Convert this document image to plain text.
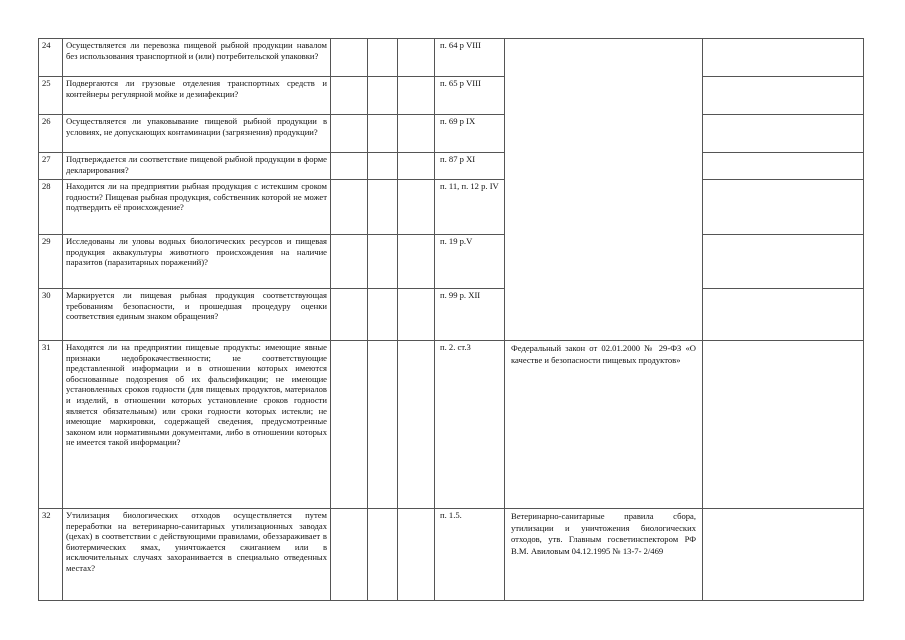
24	Осуществляется ли перевозка пищевой рыбной продукции навалом без использования транспортной и (или) потребительской упаковки?				п. 64 р VIII		
25	Подвергаются ли грузовые отделения транспортных средств и контейнеры регулярной мойке и дезинфекции?				п. 65 р VIII		
26	Осуществляется ли упаковывание пищевой рыбной продукции в условиях, не допускающих контаминации (загрязнения) продукции?				п. 69 р IX		
27	Подтверждается ли соответствие пищевой рыбной продукции в форме декларирования?				п. 87 р XI		
28	Находится ли на предприятии рыбная продукция с истекшим сроком годности? Пищевая рыбная продукция, собственник которой не может подтвердить её происхождение?				п. 11, п. 12 р. IV		
29	Исследованы ли уловы водных биологических ресурсов и пищевая продукция аквакультуры животного происхождения на наличие паразитов (паразитарных поражений)?				п. 19 р.V		
30	Маркируется ли пищевая рыбная продукция соответствующая требованиям безопасности, и прошедшая процедуру оценки соответствия единым знаком обращения?				п. 99 р. XII		
31	Находятся ли на предприятии пищевые продукты: имеющие явные признаки недоброкачественности; не соответствующие представленной информации и в отношении которых имеются обоснованные подозрения об их фальсификации; не имеющие установленных сроков годности (для пищевых продуктов, материалов и изделий, в отношении которых установление сроков годности является обязательным) или сроки годности которых истекли; не имеющие маркировки, содержащей сведения, предусмотренные законом или нормативными документами, либо в отношении которых не имеется такой информации?				п. 2. ст.3	Федеральный закон от 02.01.2000 № 29-ФЗ «О качестве и безопасности пищевых продуктов»	
32	Утилизация биологических отходов осуществляется путем переработки на ветеринарно-санитарных утилизационных заводах (цехах) в соответствии с действующими правилами, обеззараживает в биотермических ямах, уничтожается сжиганием или в исключительных случаях захоранивается в специально отведенных местах?				п. 1.5.	Ветеринарно-санитарные правила сбора, утилизации и уничтожения биологических отходов, утв. Главным госветинспектором РФ В.М. Авиловым 04.12.1995 № 13-7- 2/469	
